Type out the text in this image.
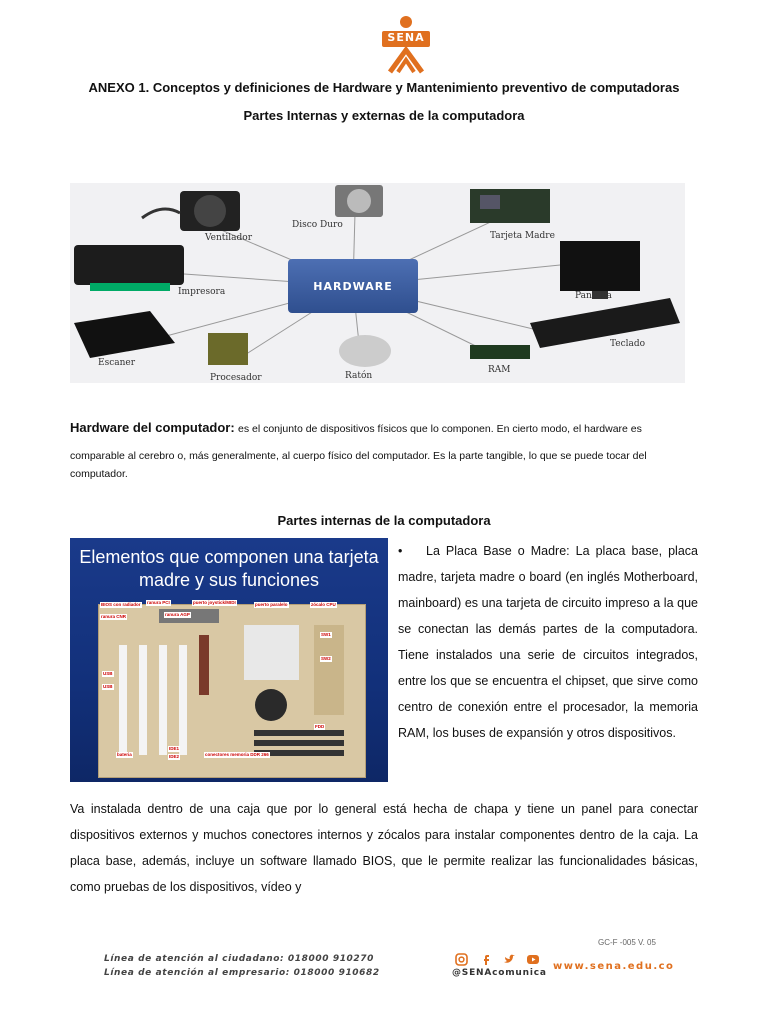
SENA
ANEXO 1. Conceptos y definiciones de Hardware y Mantenimiento preventivo de computadoras
Partes Internas y externas de la computadora
HARDWARE
Ventilador
Disco Duro
Tarjeta Madre
Impresora	Pantalla
Teclado
Escaner
Procesador	Ratón
RAM
Hardware del computador: es el conjunto de dispositivos físicos que lo componen. En cierto modo, el hardware es
comparable al cerebro o, más generalmente, al cuerpo físico del computador. Es la parte tangible, lo que se puede tocar del computador.
Partes internas de la computadora
Elementos que componen una tarjeta madre y sus funciones
BIOS con radiador
ranura CNR
ranura PCI
ranura AGP
puerto joystick/MIDI	puerto paralelo	zócalo CPU
USB
USB
SW1
SW2
bateria
IDE1
IDE2
FDD
conectores memoria DDR 266
• La Placa Base o Madre: La placa base, placa madre, tarjeta madre o board (en inglés Motherboard, mainboard) es una tarjeta de circuito impreso a la que se conectan las demás partes de la computadora. Tiene instalados una serie de circuitos integrados, entre los que se encuentra el chipset, que sirve como centro de conexión entre el procesador, la memoria RAM, los buses de expansión y otros dispositivos.
Va instalada dentro de una caja que por lo general está hecha de chapa y tiene un panel para conectar dispositivos externos y muchos conectores internos y zócalos para instalar componentes dentro de la caja. La placa base, además, incluye un software llamado BIOS, que le permite realizar las funcionalidades básicas, como pruebas de los dispositivos, vídeo y
GC-F -005 V. 05
Línea de atención al ciudadano: 018000 910270
Línea de atención al empresario: 018000 910682	@SENAcomunica
www.sena.edu.co
